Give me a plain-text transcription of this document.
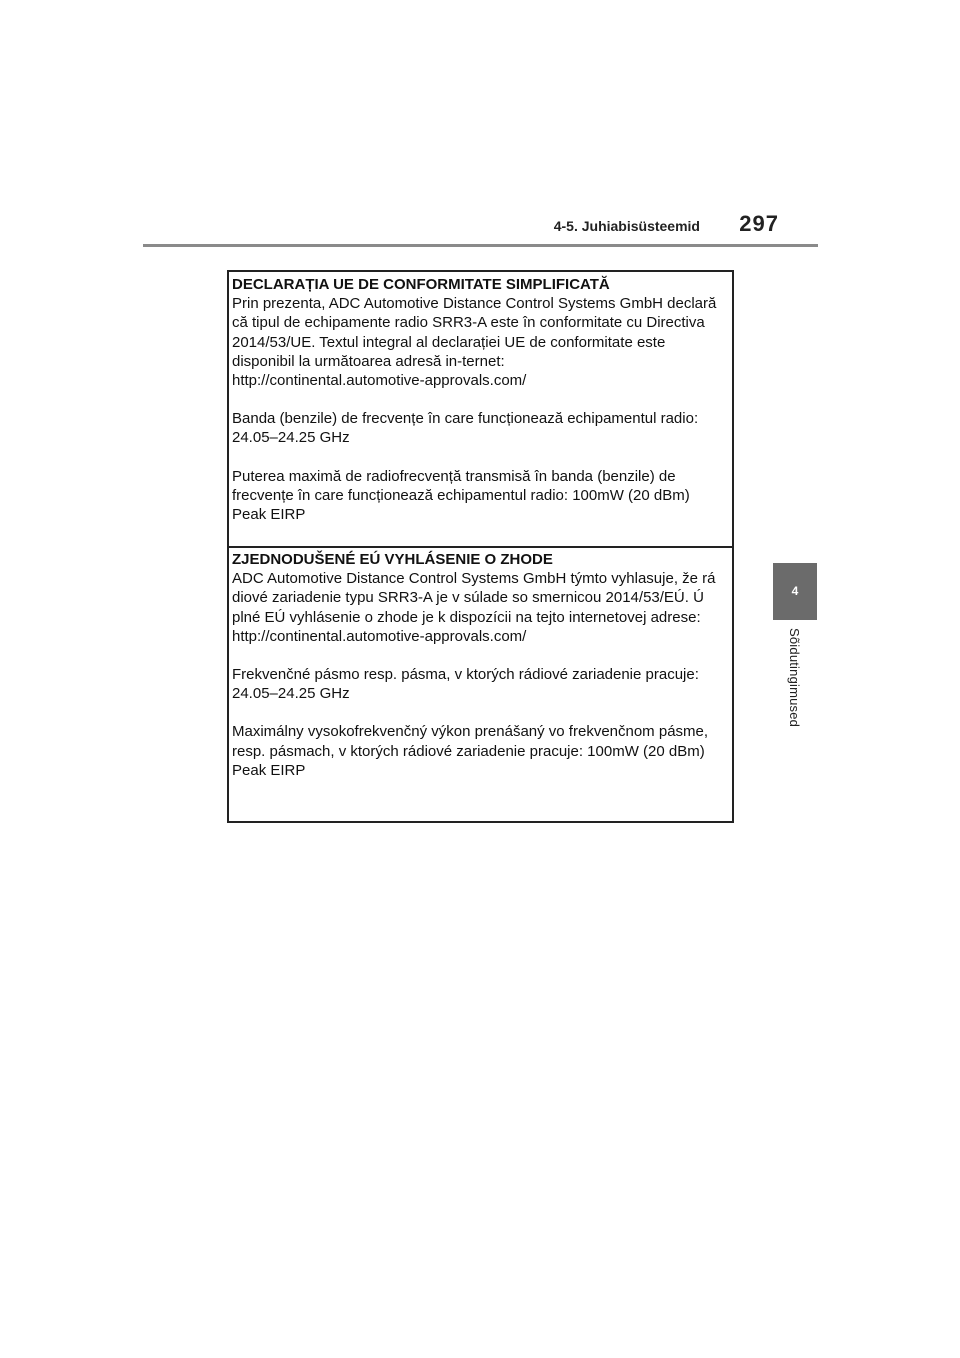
4-5. Juhiabisüsteemid	297
4
Sõidutingimused
DECLARAȚIA UE DE CONFORMITATE SIMPLIFICATĂ

Prin prezenta, ADC Automotive Distance Control Systems GmbH declară
că tipul de echipamente radio SRR3-A este în conformitate cu Directiva
2014/53/UE. Textul integral al declarației UE de conformitate este
disponibil la următoarea adresă in-ternet:
http://continental.automotive-approvals.com/

Banda (benzile) de frecvențe în care funcționează echipamentul radio:
24.05–24.25 GHz

Puterea maximă de radiofrecvență transmisă în banda (benzile) de
frecvențe în care funcționează echipamentul radio: 100mW (20 dBm)
Peak EIRP

ZJEDNODUŠENÉ EÚ VYHLÁSENIE O ZHODE

ADC Automotive Distance Control Systems GmbH týmto vyhlasuje, že rá
diové zariadenie typu SRR3-A je v súlade so smernicou 2014/53/EÚ. Ú
plné EÚ vyhlásenie o zhode je k dispozícii na tejto internetovej adrese:
http://continental.automotive-approvals.com/

Frekvenčné pásmo resp. pásma, v ktorých rádiové zariadenie pracuje:
24.05–24.25 GHz

Maximálny vysokofrekvenčný výkon prenášaný vo frekvenčnom pásme,
resp. pásmach, v ktorých rádiové zariadenie pracuje: 100mW (20 dBm)
Peak EIRP
